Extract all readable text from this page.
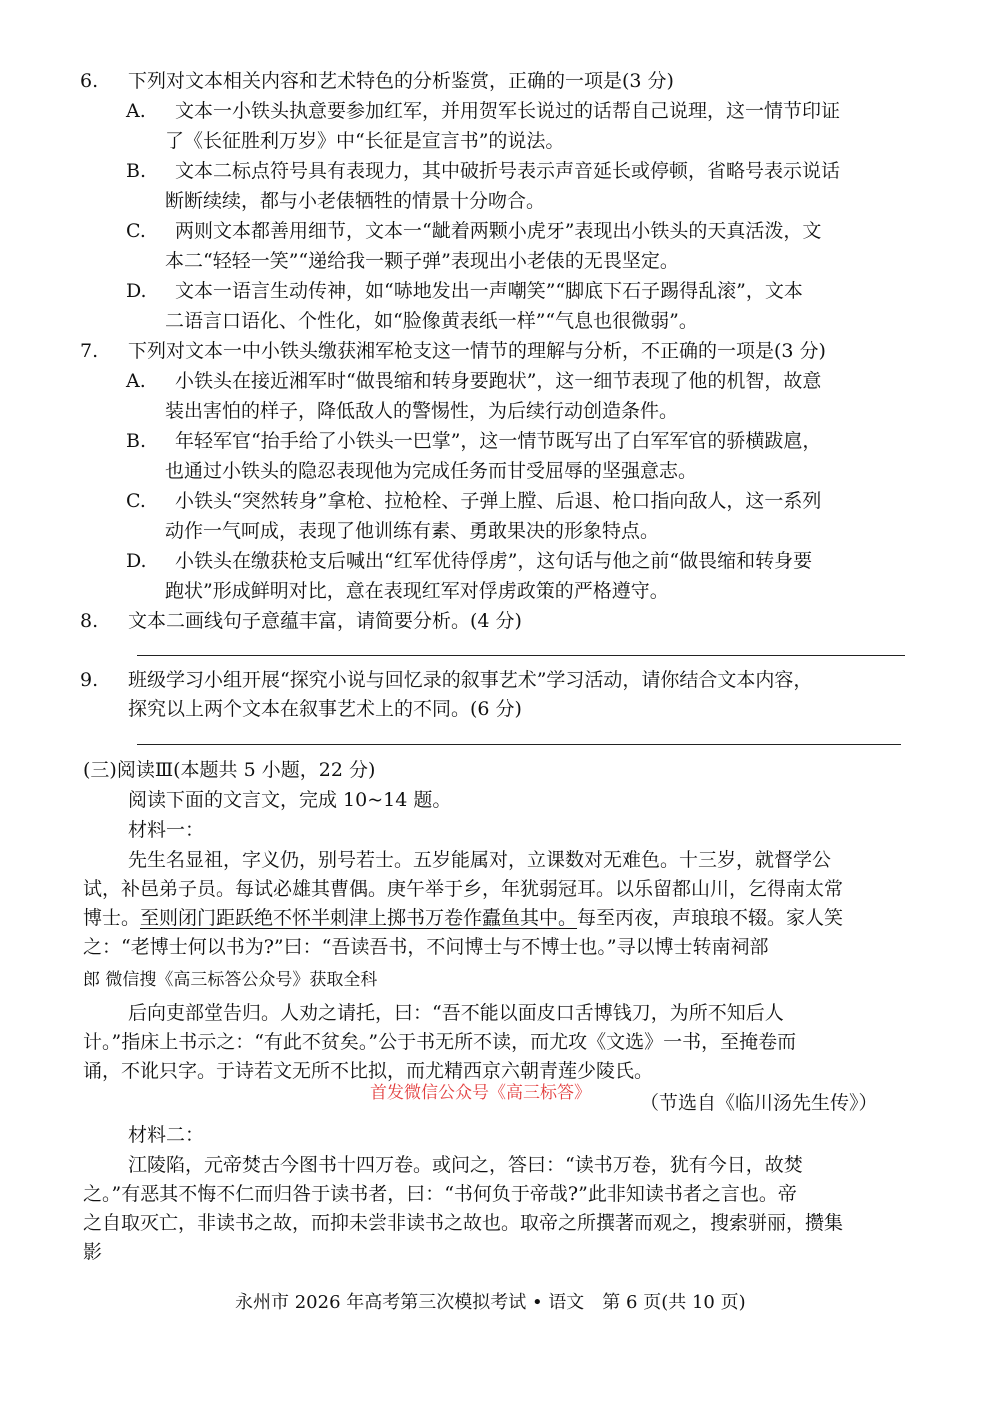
6. 下列对文本相关内容和艺术特色的分析鉴赏，正确的一项是(3 分)
A. 文本一小铁头执意要参加红军，并用贺军长说过的话帮自己说理，这一情节印证
了《长征胜利万岁》中“长征是宣言书”的说法。
B. 文本二标点符号具有表现力，其中破折号表示声音延长或停顿，省略号表示说话
断断续续，都与小老俵牺牲的情景十分吻合。
C. 两则文本都善用细节，文本一“龇着两颗小虎牙”表现出小铁头的天真活泼，文
本二“轻轻一笑”“递给我一颗子弹”表现出小老俵的无畏坚定。
D. 文本一语言生动传神，如“哧地发出一声嘲笑”“脚底下石子踢得乱滚”，文本
二语言口语化、个性化，如“脸像黄表纸一样”“气息也很微弱”。
7. 下列对文本一中小铁头缴获湘军枪支这一情节的理解与分析，不正确的一项是(3 分)
A. 小铁头在接近湘军时“做畏缩和转身要跑状”，这一细节表现了他的机智，故意
装出害怕的样子，降低敌人的警惕性，为后续行动创造条件。
B. 年轻军官“抬手给了小铁头一巴掌”，这一情节既写出了白军军官的骄横跋扈，
也通过小铁头的隐忍表现他为完成任务而甘受屈辱的坚强意志。
C. 小铁头“突然转身”拿枪、拉枪栓、子弹上膛、后退、枪口指向敌人，这一系列
动作一气呵成，表现了他训练有素、勇敢果决的形象特点。
D. 小铁头在缴获枪支后喊出“红军优待俘虏”，这句话与他之前“做畏缩和转身要
跑状”形成鲜明对比，意在表现红军对俘虏政策的严格遵守。
8. 文本二画线句子意蕴丰富，请简要分析。(4 分)
9. 班级学习小组开展“探究小说与回忆录的叙事艺术”学习活动，请你结合文本内容，
探究以上两个文本在叙事艺术上的不同。(6 分)
(三)阅读Ⅲ(本题共 5 小题，22 分)
阅读下面的文言文，完成 10~14 题。
材料一：
先生名显祖，字义仍，别号若士。五岁能属对，立课数对无难色。十三岁，就督学公
试，补邑弟子员。每试必雄其曹偶。庚午举于乡，年犹弱冠耳。以乐留都山川，乞得南太常
博士。至则闭门距跃绝不怀半刺津上掷书万卷作蠹鱼其中。每至丙夜，声琅琅不辍。家人笑
之：“老博士何以书为?”曰：“吾读吾书，不问博士与不博士也。”寻以博士转南祠部
郎 微信搜《高三标答公众号》获取全科
后向吏部堂告归。人劝之请托，曰：“吾不能以面皮口舌博钱刀，为所不知后人
计。”指床上书示之：“有此不贫矣。”公于书无所不读，而尤攻《文选》一书，至掩卷而
诵，不讹只字。于诗若文无所不比拟，而尤精西京六朝青莲少陵氏。
首发微信公众号《高三标答》	（节选自《临川汤先生传》）
材料二：
江陵陷，元帝焚古今图书十四万卷。或问之，答曰：“读书万卷，犹有今日，故焚
之。”有恶其不悔不仁而归咎于读书者，曰：“书何负于帝哉?”此非知读书者之言也。帝
之自取灭亡，非读书之故，而抑未尝非读书之故也。取帝之所撰著而观之，搜索骈丽，攒集
影
永州市 2026 年高考第三次模拟考试 • 语文　第 6 页(共 10 页)
